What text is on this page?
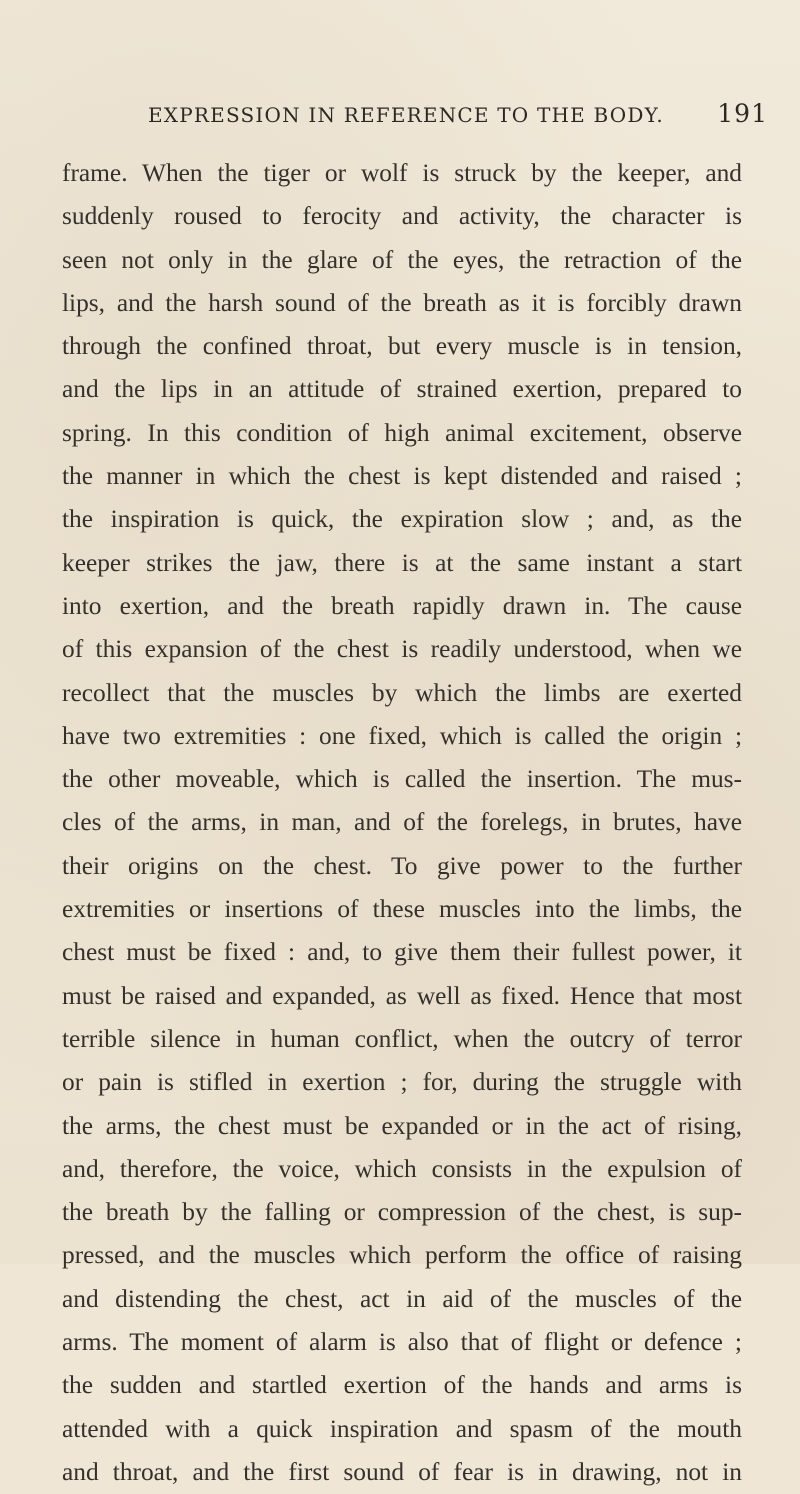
EXPRESSION IN REFERENCE TO THE BODY. 191
frame. When the tiger or wolf is struck by the keeper, and
suddenly roused to ferocity and activity, the character is
seen not only in the glare of the eyes, the retraction of the
lips, and the harsh sound of the breath as it is forcibly drawn
through the confined throat, but every muscle is in tension,
and the lips in an attitude of strained exertion, prepared to
spring. In this condition of high animal excitement, observe
the manner in which the chest is kept distended and raised ;
the inspiration is quick, the expiration slow ; and, as the
keeper strikes the jaw, there is at the same instant a start
into exertion, and the breath rapidly drawn in. The cause
of this expansion of the chest is readily understood, when we
recollect that the muscles by which the limbs are exerted
have two extremities : one fixed, which is called the origin ;
the other moveable, which is called the insertion. The mus-
cles of the arms, in man, and of the forelegs, in brutes, have
their origins on the chest. To give power to the further
extremities or insertions of these muscles into the limbs, the
chest must be fixed : and, to give them their fullest power, it
must be raised and expanded, as well as fixed. Hence that most
terrible silence in human conflict, when the outcry of terror
or pain is stifled in exertion ; for, during the struggle with
the arms, the chest must be expanded or in the act of rising,
and, therefore, the voice, which consists in the expulsion of
the breath by the falling or compression of the chest, is sup-
pressed, and the muscles which perform the office of raising
and distending the chest, act in aid of the muscles of the
arms. The moment of alarm is also that of flight or defence ;
the sudden and startled exertion of the hands and arms is
attended with a quick inspiration and spasm of the mouth
and throat, and the first sound of fear is in drawing, not in
